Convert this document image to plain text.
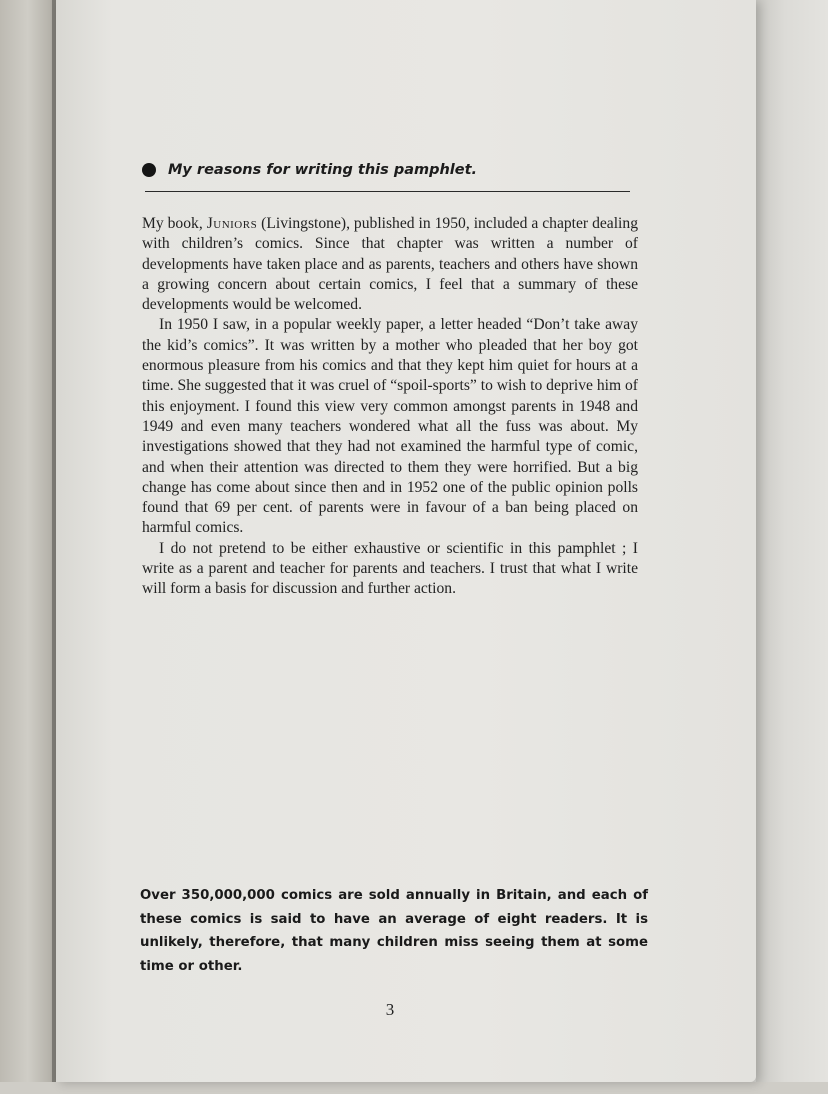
My reasons for writing this pamphlet.

My book, Juniors (Livingstone), published in 1950, included a chapter dealing with children’s comics. Since that chapter was written a number of developments have taken place and as parents, teachers and others have shown a growing concern about certain comics, I feel that a summary of these developments would be welcomed.

In 1950 I saw, in a popular weekly paper, a letter headed “Don’t take away the kid’s comics”. It was written by a mother who pleaded that her boy got enormous pleasure from his comics and that they kept him quiet for hours at a time. She suggested that it was cruel of “spoil-sports” to wish to deprive him of this enjoyment. I found this view very common amongst parents in 1948 and 1949 and even many teachers wondered what all the fuss was about. My investigations showed that they had not examined the harmful type of comic, and when their attention was directed to them they were horrified. But a big change has come about since then and in 1952 one of the public opinion polls found that 69 per cent. of parents were in favour of a ban being placed on harmful comics.

I do not pretend to be either exhaustive or scientific in this pamphlet ; I write as a parent and teacher for parents and teachers. I trust that what I write will form a basis for discussion and further action.

Over 350,000,000 comics are sold annually in Britain, and each of these comics is said to have an average of eight readers. It is unlikely, therefore, that many children miss seeing them at some time or other.
3
